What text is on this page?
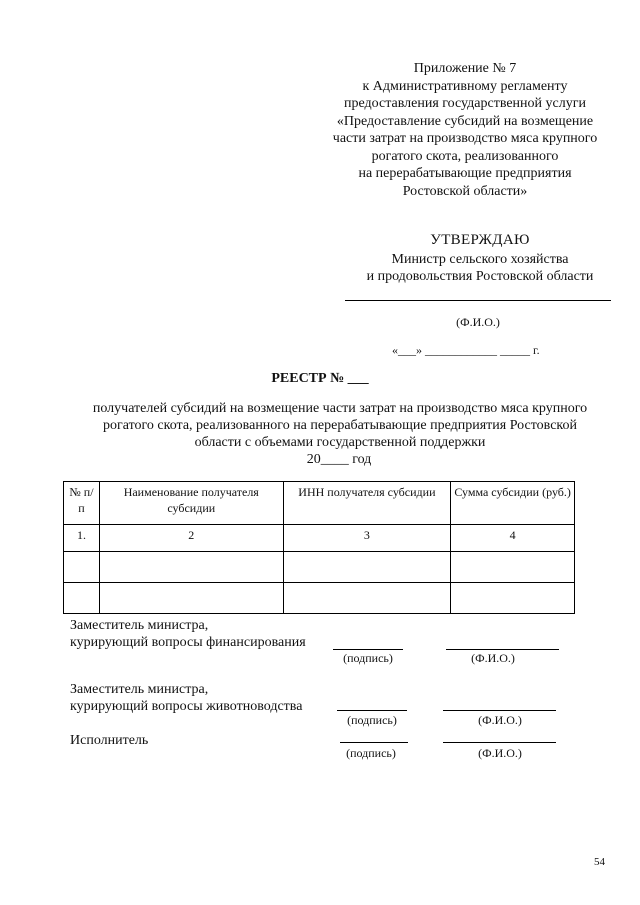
Приложение № 7
к Административному регламенту
предоставления государственной услуги
«Предоставление субсидий на возмещение
части затрат на производство мяса крупного
рогатого скота, реализованного
на перерабатывающие предприятия
Ростовской области»
УТВЕРЖДАЮ
Министр сельского хозяйства
и продовольствия Ростовской области
(Ф.И.О.)
«___» ____________ _____ г.
РЕЕСТР № ___
получателей субсидий на возмещение части затрат на производство мяса крупного
рогатого скота, реализованного на перерабатывающие предприятия Ростовской
области с объемами государственной поддержки
20____ год
№ п/п	Наименование получателя субсидии	ИНН получателя субсидии	Сумма субсидии (руб.)
1.	2	3	4

Заместитель министра,
курирующий вопросы финансирования
(подпись)	(Ф.И.О.)
Заместитель министра,
курирующий вопросы животноводства
(подпись)	(Ф.И.О.)
Исполнитель
(подпись)	(Ф.И.О.)
54
